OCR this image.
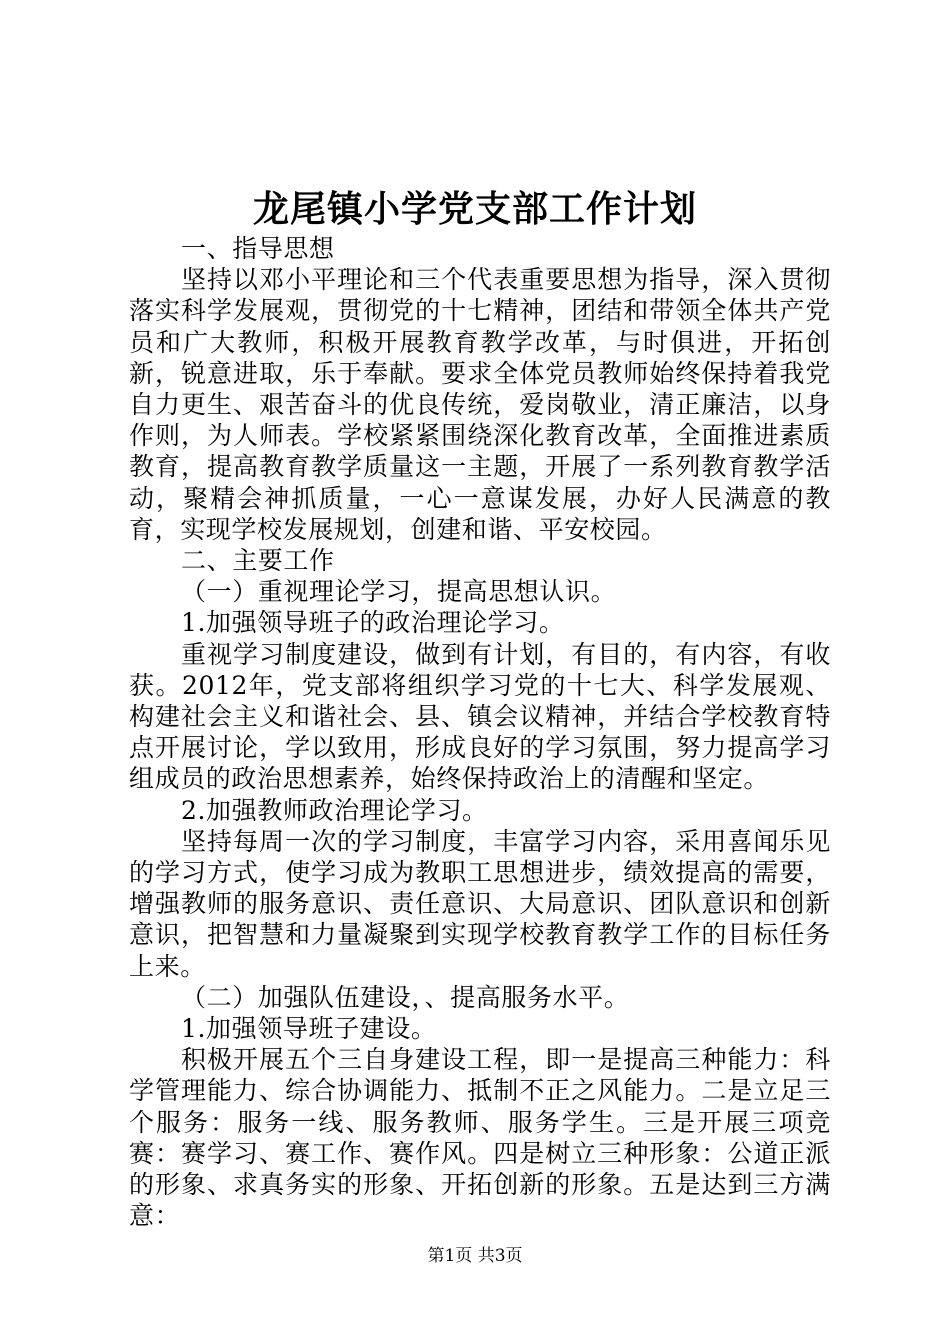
龙尾镇小学党支部工作计划

一、指导思想

坚持以邓小平理论和三个代表重要思想为指导，深入贯彻落实科学发展观，贯彻党的十七精神，团结和带领全体共产党员和广大教师，积极开展教育教学改革，与时俱进，开拓创新，锐意进取，乐于奉献。要求全体党员教师始终保持着我党自力更生、艰苦奋斗的优良传统，爱岗敬业，清正廉洁，以身作则，为人师表。学校紧紧围绕深化教育改革，全面推进素质教育，提高教育教学质量这一主题，开展了一系列教育教学活动，聚精会神抓质量，一心一意谋发展，办好人民满意的教育，实现学校发展规划，创建和谐、平安校园。

二、主要工作

（一）重视理论学习，提高思想认识。

1.加强领导班子的政治理论学习。

重视学习制度建设，做到有计划，有目的，有内容，有收获。2012年，党支部将组织学习党的十七大、科学发展观、构建社会主义和谐社会、县、镇会议精神，并结合学校教育特点开展讨论，学以致用，形成良好的学习氛围，努力提高学习组成员的政治思想素养，始终保持政治上的清醒和坚定。

2.加强教师政治理论学习。

坚持每周一次的学习制度，丰富学习内容，采用喜闻乐见的学习方式，使学习成为教职工思想进步，绩效提高的需要，增强教师的服务意识、责任意识、大局意识、团队意识和创新意识，把智慧和力量凝聚到实现学校教育教学工作的目标任务上来。

（二）加强队伍建设，、提高服务水平。

1.加强领导班子建设。

积极开展五个三自身建设工程，即一是提高三种能力：科学管理能力、综合协调能力、抵制不正之风能力。二是立足三个服务：服务一线、服务教师、服务学生。三是开展三项竞赛：赛学习、赛工作、赛作风。四是树立三种形象：公道正派的形象、求真务实的形象、开拓创新的形象。五是达到三方满意：

第1页 共3页
